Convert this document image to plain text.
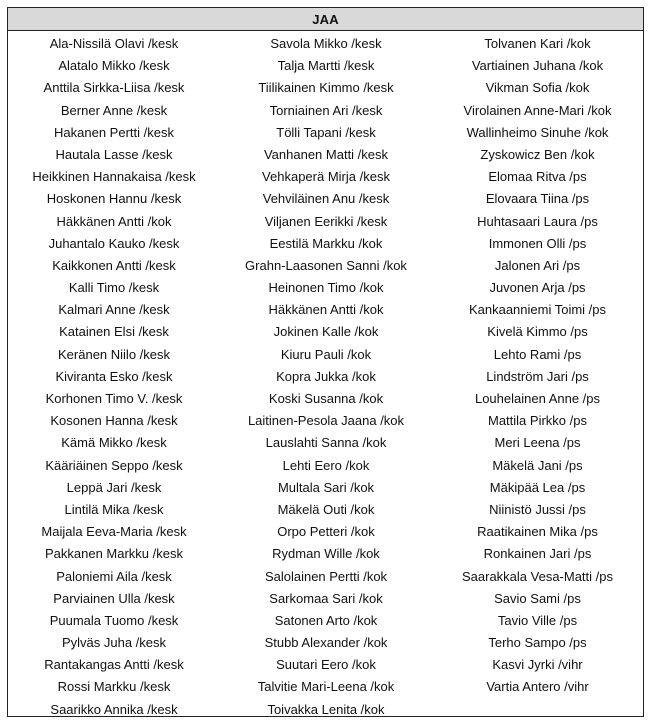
JAA
Ala-Nissilä Olavi /kesk
Alatalo Mikko /kesk
Anttila Sirkka-Liisa /kesk
Berner Anne /kesk
Hakanen Pertti /kesk
Hautala Lasse /kesk
Heikkinen Hannakaisa /kesk
Hoskonen Hannu /kesk
Häkkänen Antti /kok
Juhantalo Kauko /kesk
Kaikkonen Antti /kesk
Kalli Timo /kesk
Kalmari Anne /kesk
Katainen Elsi /kesk
Keränen Niilo /kesk
Kiviranta Esko /kesk
Korhonen Timo V. /kesk
Kosonen Hanna /kesk
Kämä Mikko /kesk
Kääriäinen Seppo /kesk
Leppä Jari /kesk
Lintilä Mika /kesk
Maijala Eeva-Maria /kesk
Pakkanen Markku /kesk
Paloniemi Aila /kesk
Parviainen Ulla /kesk
Puumala Tuomo /kesk
Pylväs Juha /kesk
Rantakangas Antti /kesk
Rossi Markku /kesk
Saarikko Annika /kesk
Savola Mikko /kesk
Talja Martti /kesk
Tiilikainen Kimmo /kesk
Torniainen Ari /kesk
Tölli Tapani /kesk
Vanhanen Matti /kesk
Vehkaperä Mirja /kesk
Vehviläinen Anu /kesk
Viljanen Eerikki /kesk
Eestilä Markku /kok
Grahn-Laasonen Sanni /kok
Heinonen Timo /kok
Häkkänen Antti /kok
Jokinen Kalle /kok
Kiuru Pauli /kok
Kopra Jukka /kok
Koski Susanna /kok
Laitinen-Pesola Jaana /kok
Lauslahti Sanna /kok
Lehti Eero /kok
Multala Sari /kok
Mäkelä Outi /kok
Orpo Petteri /kok
Rydman Wille /kok
Salolainen Pertti /kok
Sarkomaa Sari /kok
Satonen Arto /kok
Stubb Alexander /kok
Suutari Eero /kok
Talvitie Mari-Leena /kok
Toivakka Lenita /kok
Tolvanen Kari /kok
Vartiainen Juhana /kok
Vikman Sofia /kok
Virolainen Anne-Mari /kok
Wallinheimo Sinuhe /kok
Zyskowicz Ben /kok
Elomaa Ritva /ps
Elovaara Tiina /ps
Huhtasaari Laura /ps
Immonen Olli /ps
Jalonen Ari /ps
Juvonen Arja /ps
Kankaanniemi Toimi /ps
Kivelä Kimmo /ps
Lehto Rami /ps
Lindström Jari /ps
Louhelainen Anne /ps
Mattila Pirkko /ps
Meri Leena /ps
Mäkelä Jani /ps
Mäkipää Lea /ps
Niinistö Jussi /ps
Raatikainen Mika /ps
Ronkainen Jari /ps
Saarakkala Vesa-Matti /ps
Savio Sami /ps
Tavio Ville /ps
Terho Sampo /ps
Kasvi Jyrki /vihr
Vartia Antero /vihr
